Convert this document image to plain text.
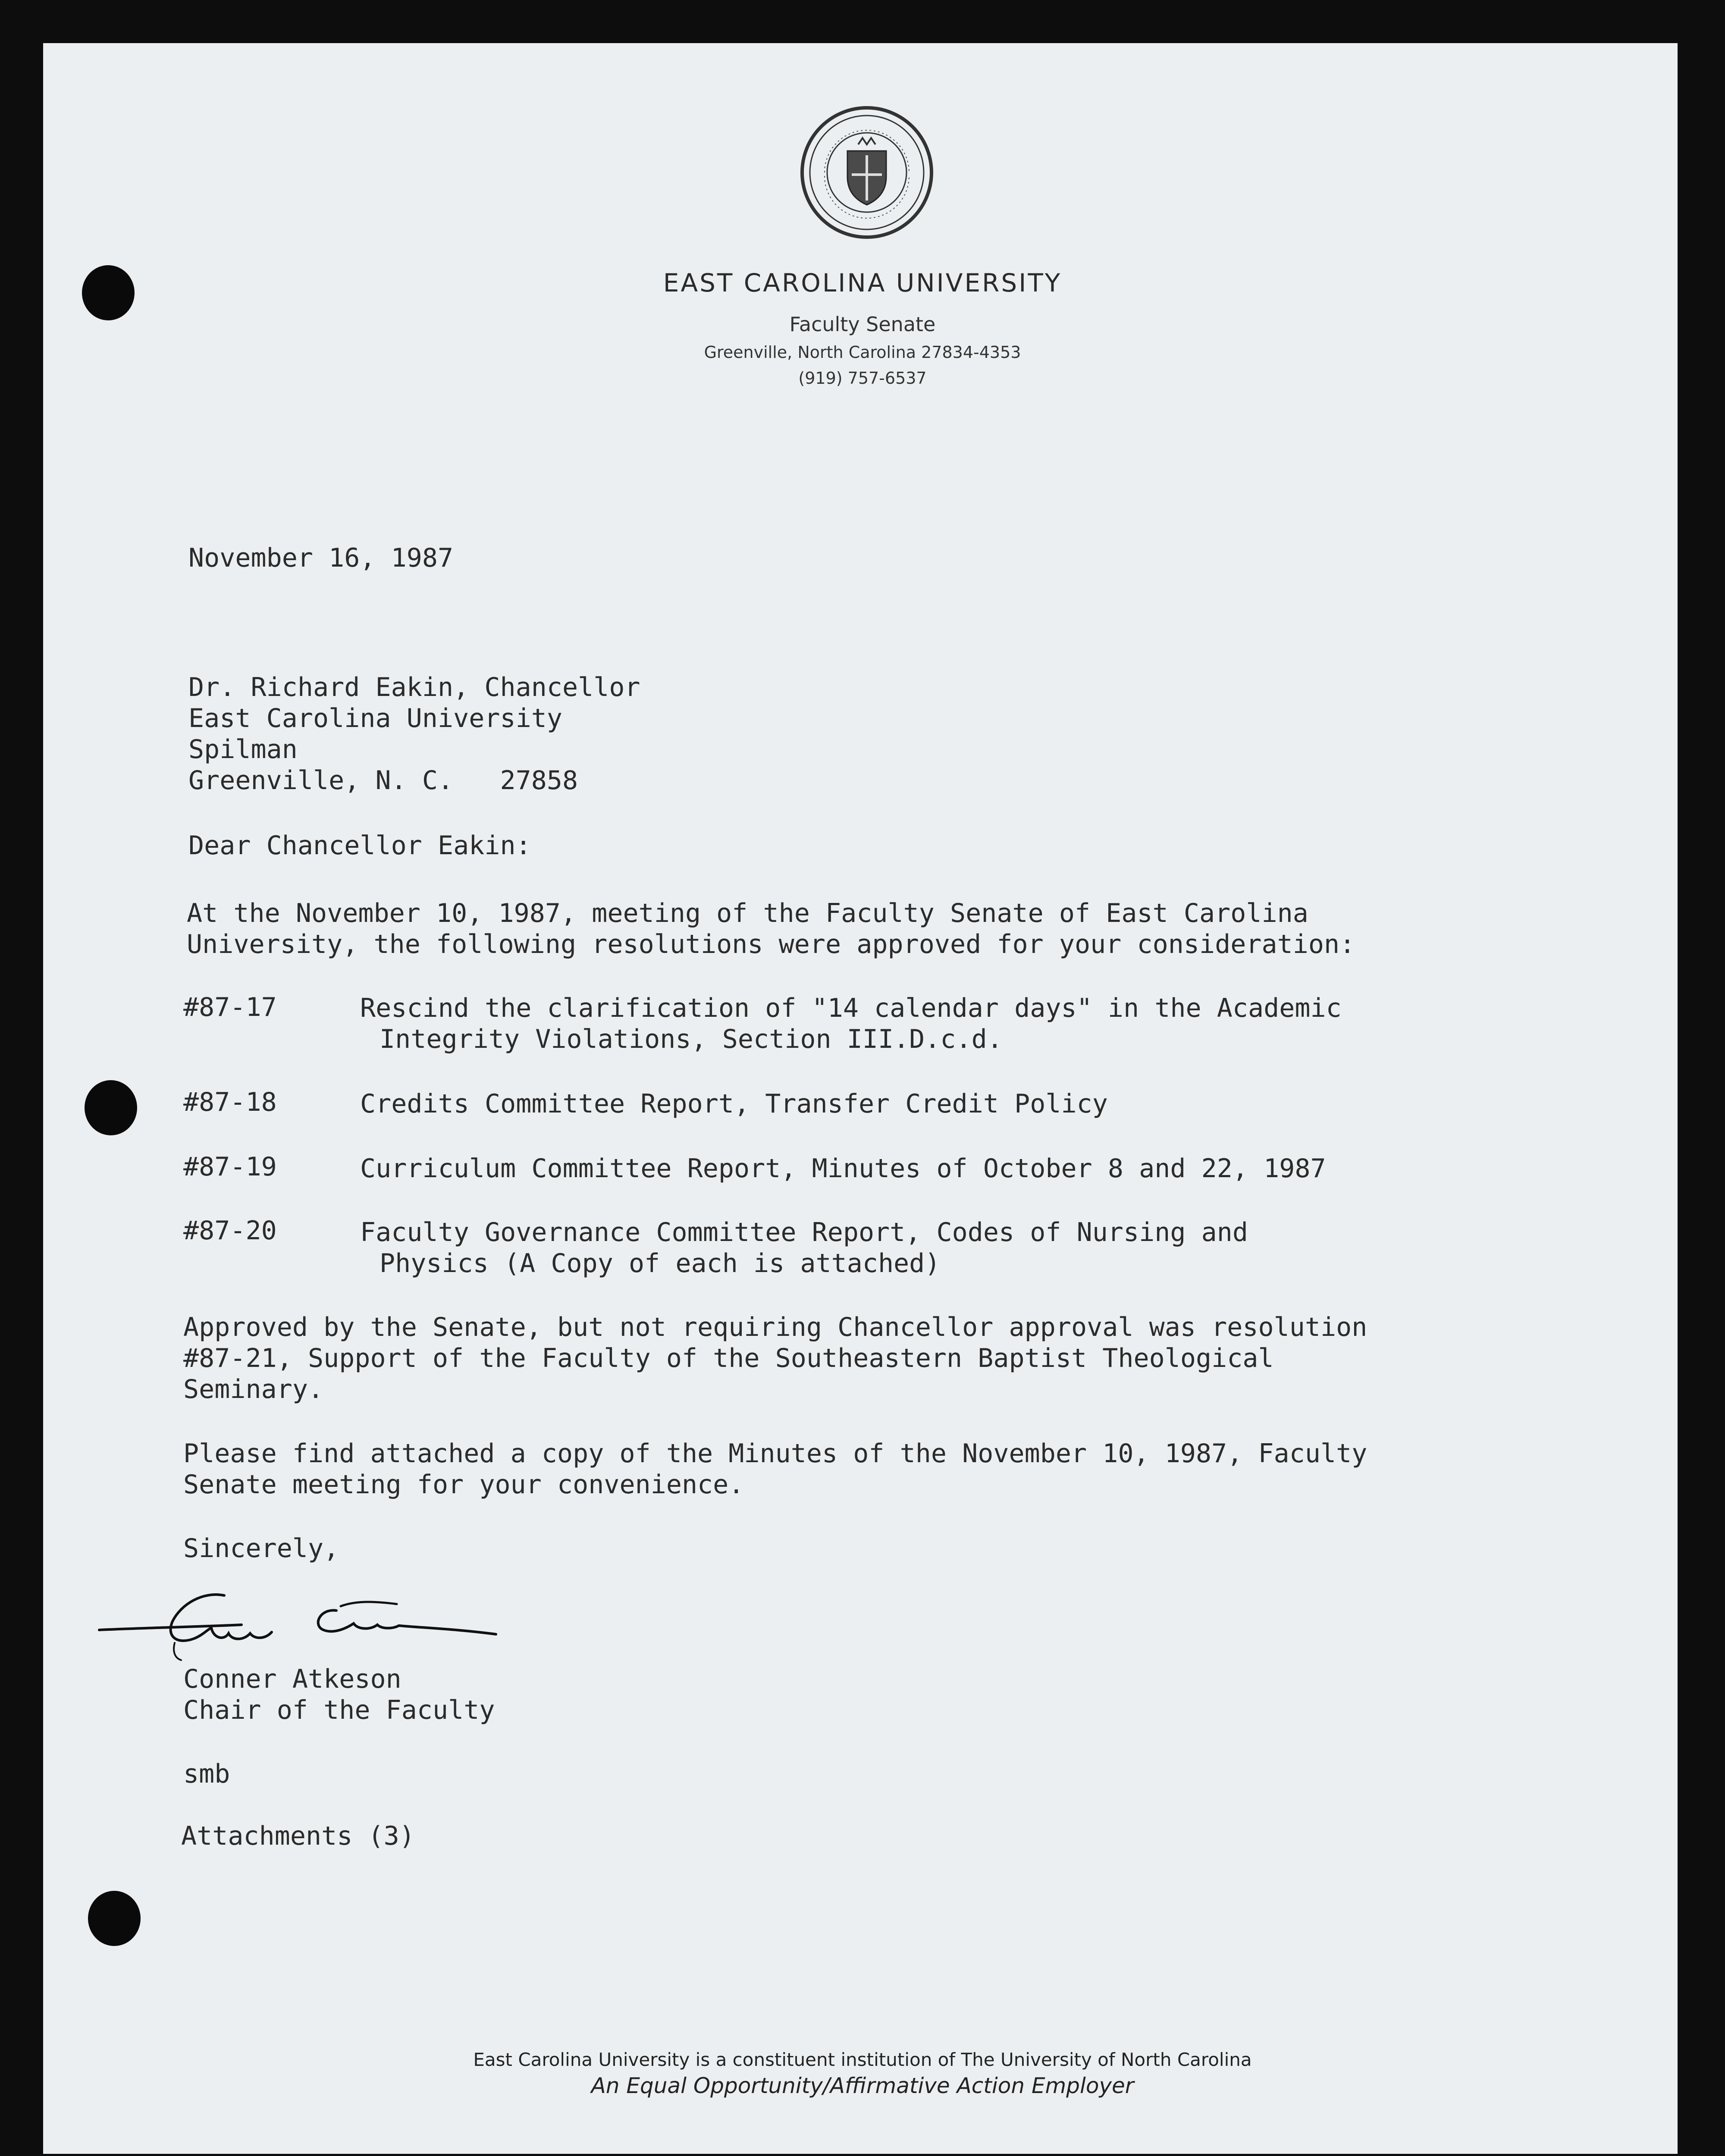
EAST CAROLINA UNIVERSITY
Faculty Senate
Greenville, North Carolina 27834-4353
(919) 757-6537
November 16, 1987
Dr. Richard Eakin, Chancellor
East Carolina University
Spilman
Greenville, N. C.   27858
Dear Chancellor Eakin:
At the November 10, 1987, meeting of the Faculty Senate of East Carolina
University, the following resolutions were approved for your consideration:
#87-17	Rescind the clarification of "14 calendar days" in the Academic
Integrity Violations, Section III.D.c.d.
#87-18	Credits Committee Report, Transfer Credit Policy
#87-19	Curriculum Committee Report, Minutes of October 8 and 22, 1987
#87-20	Faculty Governance Committee Report, Codes of Nursing and
Physics (A Copy of each is attached)
Approved by the Senate, but not requiring Chancellor approval was resolution
#87-21, Support of the Faculty of the Southeastern Baptist Theological
Seminary.
Please find attached a copy of the Minutes of the November 10, 1987, Faculty
Senate meeting for your convenience.
Sincerely,
Conner Atkeson
Chair of the Faculty
smb
Attachments (3)
East Carolina University is a constituent institution of The University of North Carolina
An Equal Opportunity/Affirmative Action Employer
